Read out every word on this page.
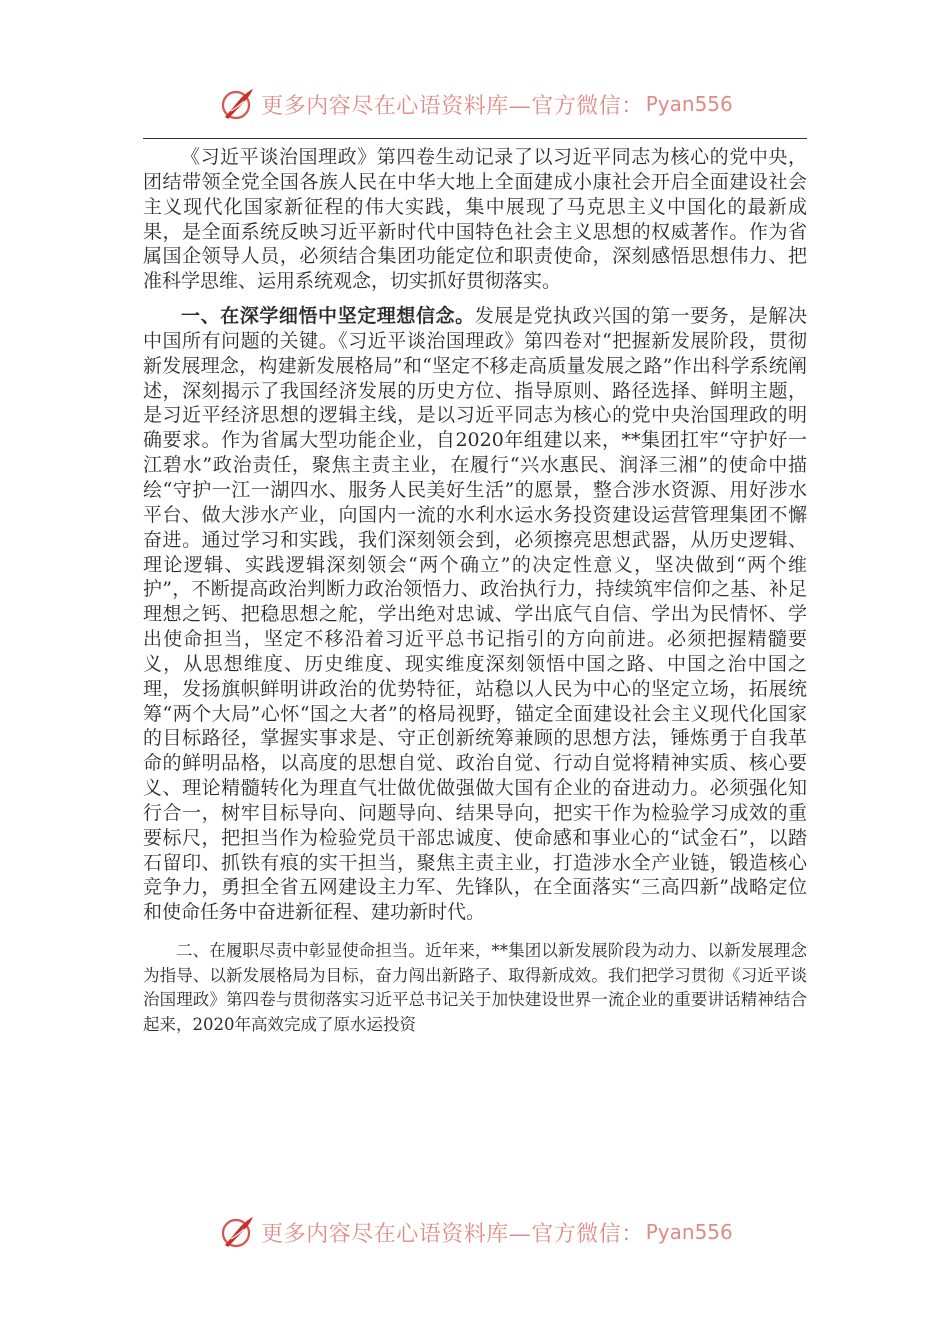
更多内容尽在心语资料库—官方微信： Pyan556

《习近平谈治国理政》第四卷生动记录了以习近平同志为核心的党中央，团结带领全党全国各族人民在中华大地上全面建成小康社会开启全面建设社会主义现代化国家新征程的伟大实践，集中展现了马克思主义中国化的最新成果，是全面系统反映习近平新时代中国特色社会主义思想的权威著作。作为省属国企领导人员，必须结合集团功能定位和职责使命，深刻感悟思想伟力、把准科学思维、运用系统观念，切实抓好贯彻落实。

一、在深学细悟中坚定理想信念。发展是党执政兴国的第一要务，是解决中国所有问题的关键。《习近平谈治国理政》第四卷对“把握新发展阶段，贯彻新发展理念，构建新发展格局”和“坚定不移走高质量发展之路”作出科学系统阐述，深刻揭示了我国经济发展的历史方位、指导原则、路径选择、鲜明主题，是习近平经济思想的逻辑主线，是以习近平同志为核心的党中央治国理政的明确要求。作为省属大型功能企业，自2020年组建以来，**集团扛牢“守护好一江碧水”政治责任，聚焦主责主业，在履行“兴水惠民、润泽三湘”的使命中描绘“守护一江一湖四水、服务人民美好生活”的愿景，整合涉水资源、用好涉水平台、做大涉水产业，向国内一流的水利水运水务投资建设运营管理集团不懈奋进。通过学习和实践，我们深刻领会到，必须擦亮思想武器，从历史逻辑、理论逻辑、实践逻辑深刻领会“两个确立”的决定性意义，坚决做到“两个维护”，不断提高政治判断力政治领悟力、政治执行力，持续筑牢信仰之基、补足理想之钙、把稳思想之舵，学出绝对忠诚、学出底气自信、学出为民情怀、学出使命担当，坚定不移沿着习近平总书记指引的方向前进。必须把握精髓要义，从思想维度、历史维度、现实维度深刻领悟中国之路、中国之治中国之理，发扬旗帜鲜明讲政治的优势特征，站稳以人民为中心的坚定立场，拓展统筹“两个大局”心怀“国之大者”的格局视野，锚定全面建设社会主义现代化国家的目标路径，掌握实事求是、守正创新统筹兼顾的思想方法，锤炼勇于自我革命的鲜明品格，以高度的思想自觉、政治自觉、行动自觉将精神实质、核心要义、理论精髓转化为理直气壮做优做强做大国有企业的奋进动力。必须强化知行合一，树牢目标导向、问题导向、结果导向，把实干作为检验学习成效的重要标尺，把担当作为检验党员干部忠诚度、使命感和事业心的“试金石”，以踏石留印、抓铁有痕的实干担当，聚焦主责主业，打造涉水全产业链，锻造核心竞争力，勇担全省五网建设主力军、先锋队，在全面落实“三高四新”战略定位和使命任务中奋进新征程、建功新时代。

二、在履职尽责中彰显使命担当。近年来，**集团以新发展阶段为动力、以新发展理念为指导、以新发展格局为目标，奋力闯出新路子、取得新成效。我们把学习贯彻《习近平谈治国理政》第四卷与贯彻落实习近平总书记关于加快建设世界一流企业的重要讲话精神结合起来，2020年高效完成了原水运投资

更多内容尽在心语资料库—官方微信： Pyan556
